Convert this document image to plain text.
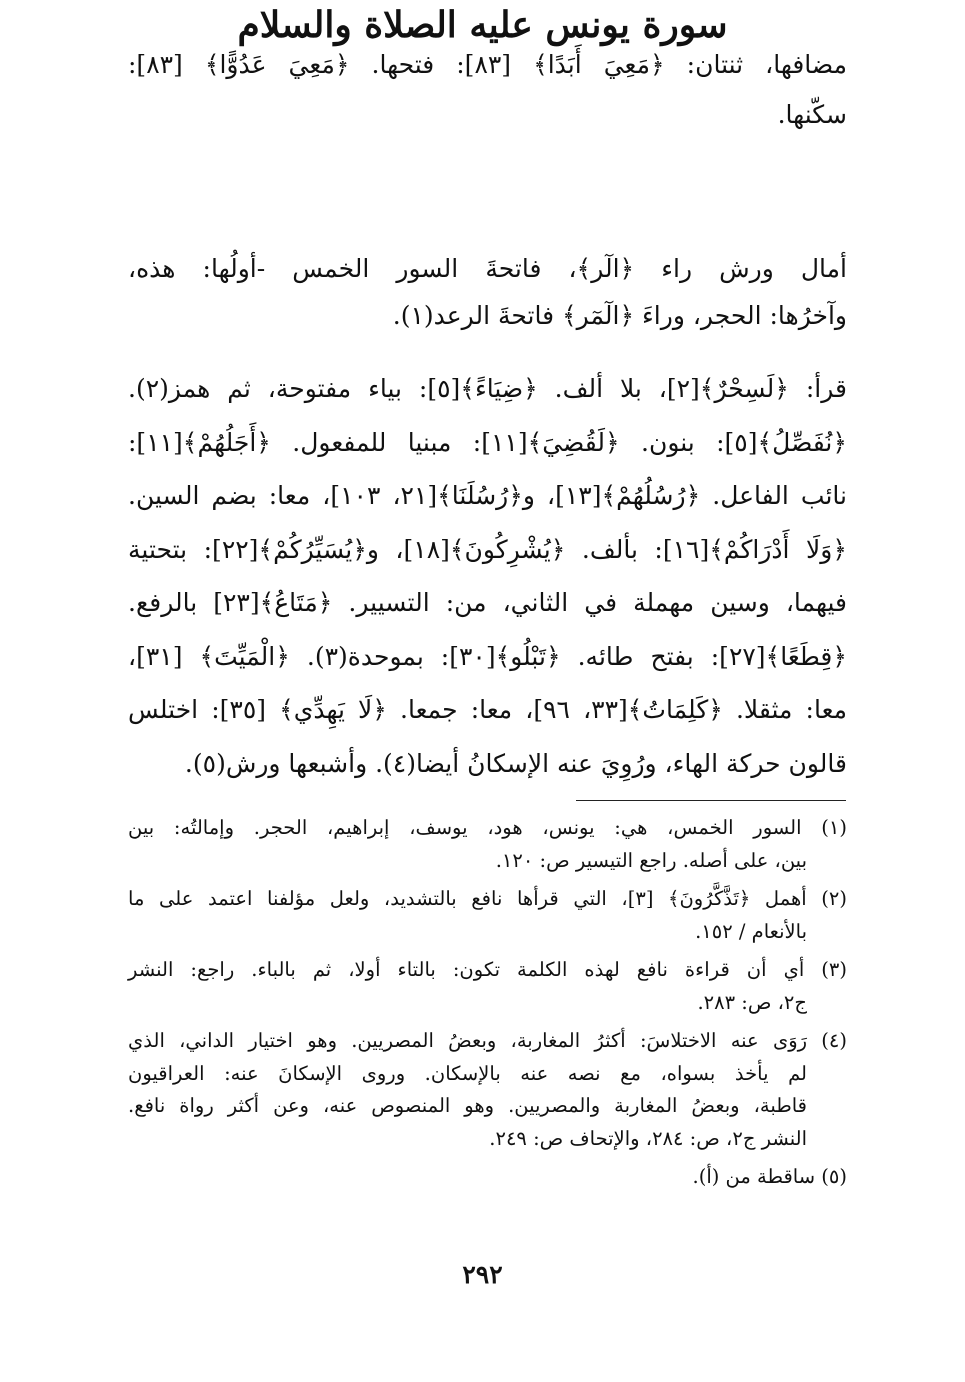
مضافها، ثنتان: ﴿مَعِيَ أَبَدًا﴾ [٨٣]: فتحها. ﴿مَعِيَ عَدُوًّا﴾ [٨٣]:
سكّنها.
سورة يونس عليه الصلاة والسلام
أمال ورش راء ﴿الٓر﴾، فاتحةَ السور الخمس -أولُها: هذه،
وآخرُها: الحجر، وراءَ ﴿الٓمٓر﴾ فاتحةَ الرعد(١).
قرأ: ﴿لَسِحْرٌ﴾[٢]، بلا ألف. ﴿ضِيَاءً﴾[٥]: بياء مفتوحة، ثم همز(٢).
﴿نُفَصِّلُ﴾[٥]: بنون. ﴿لَقُضِيَ﴾[١١]: مبنيا للمفعول. ﴿أَجَلُهُمْ﴾[١١]:
نائب الفاعل. ﴿رُسُلُهُمْ﴾[١٣]، و﴿رُسُلَنَا﴾[٢١، ١٠٣]، معا: بضم السين.
﴿وَلَا أَدْرَاكُمْ﴾[١٦]: بألف. ﴿يُشْرِكُونَ﴾[١٨]، و﴿يُسَيِّرُكُمْ﴾[٢٢]: بتحتية
فيهما، وسين مهملة في الثاني، من: التسيير. ﴿مَتَاعُ﴾[٢٣] بالرفع.
﴿قِطَعًا﴾[٢٧]: بفتح طائه. ﴿تَبْلُو﴾[٣٠]: بموحدة(٣). ﴿الْمَيِّتَ﴾ [٣١]،
معا: مثقلا. ﴿كَلِمَاتُ﴾[٣٣، ٩٦]، معا: جمعا. ﴿لَا يَهِدِّي﴾ [٣٥]: اختلس
قالون حركة الهاء، ورُوِيَ عنه الإسكانُ أيضا(٤). وأشبعها ورش(٥).
(١) السور الخمس، هي: يونس، هود، يوسف، إبراهيم، الحجر. وإمالتُه: بين
بين، على أصله. راجع التيسير ص: ١٢٠.
(٢) أهمل ﴿تَذَّكَّرُونَ﴾ [٣]، التي قرأها نافع بالتشديد، ولعل مؤلفنا اعتمد على ما
بالأنعام / ١٥٢.
(٣) أي أن قراءة نافع لهذه الكلمة تكون: بالتاء أولا، ثم بالباء. راجع: النشر
ج٢، ص: ٢٨٣.
(٤) رَوَى عنه الاختلاسَ: أكثرُ المغاربة، وبعضُ المصريين. وهو اختيار الداني، الذي
لم يأخذ بسواه، مع نصه عنه بالإسكان. وروى الإسكانَ عنه: العراقيون
قاطبة، وبعضُ المغاربة والمصريين. وهو المنصوص عنه، وعن أكثر رواة نافع.
النشر ج٢، ص: ٢٨٤، والإتحاف ص: ٢٤٩.
(٥) ساقطة من (أ).
٢٩٢
